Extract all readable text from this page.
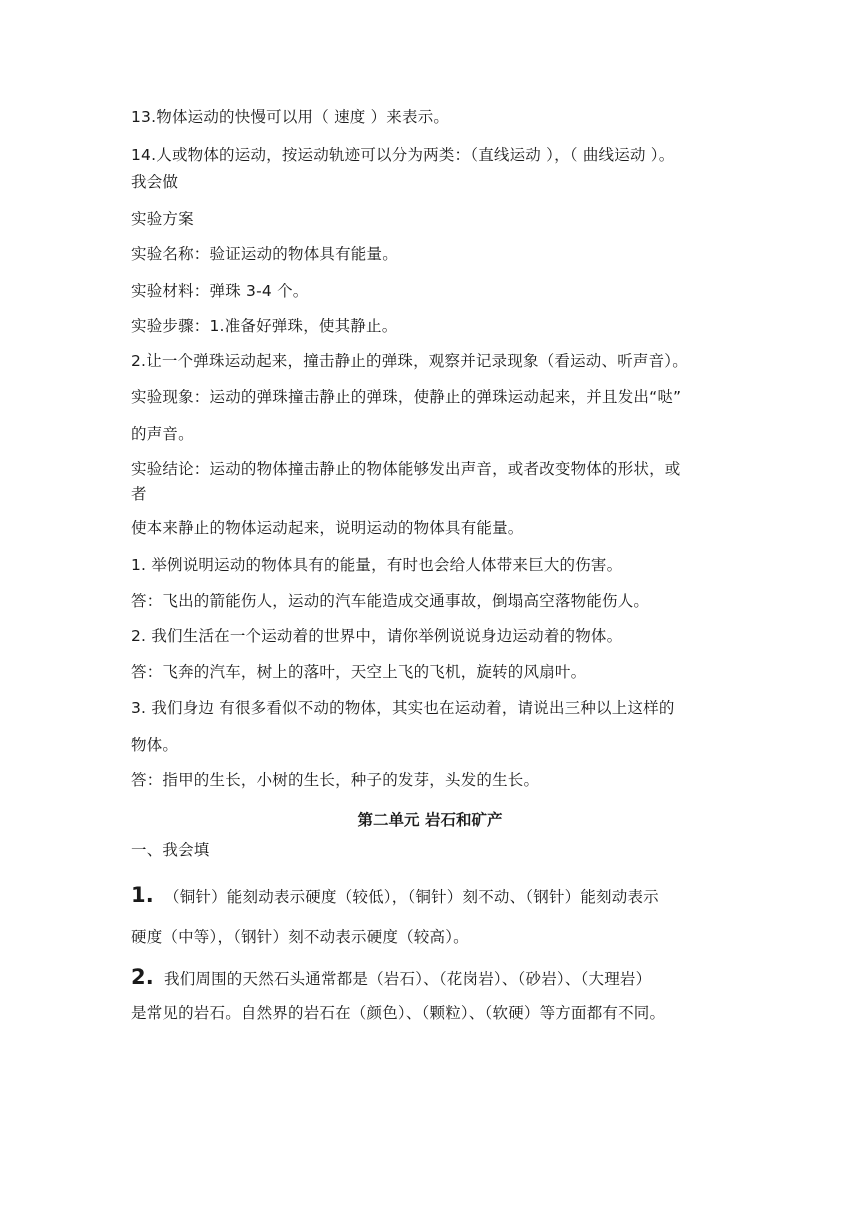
13.物体运动的快慢可以用（ 速度 ）来表示。
14.人或物体的运动，按运动轨迹可以分为两类：（直线运动 ），（ 曲线运动 ）。
我会做
实验方案
实验名称：验证运动的物体具有能量。
实验材料：弹珠 3-4 个。
实验步骤：1.准备好弹珠，使其静止。
2.让一个弹珠运动起来，撞击静止的弹珠，观察并记录现象（看运动、听声音）。
实验现象：运动的弹珠撞击静止的弹珠，使静止的弹珠运动起来，并且发出“哒”
的声音。
实验结论：运动的物体撞击静止的物体能够发出声音，或者改变物体的形状，或
者
使本来静止的物体运动起来，说明运动的物体具有能量。
1. 举例说明运动的物体具有的能量，有时也会给人体带来巨大的伤害。
答：飞出的箭能伤人，运动的汽车能造成交通事故，倒塌高空落物能伤人。
2. 我们生活在一个运动着的世界中，请你举例说说身边运动着的物体。
答：飞奔的汽车，树上的落叶，天空上飞的飞机，旋转的风扇叶。
3. 我们身边 有很多看似不动的物体，其实也在运动着，请说出三种以上这样的
物体。
答：指甲的生长，小树的生长，种子的发芽，头发的生长。
第二单元 岩石和矿产
一、我会填
1. （铜针）能刻动表示硬度（较低），（铜针）刻不动、（钢针）能刻动表示
硬度（中等），（钢针）刻不动表示硬度（较高）。
2. 我们周围的天然石头通常都是（岩石）、（花岗岩）、（砂岩）、（大理岩）
是常见的岩石。自然界的岩石在（颜色）、（颗粒）、（软硬）等方面都有不同。
